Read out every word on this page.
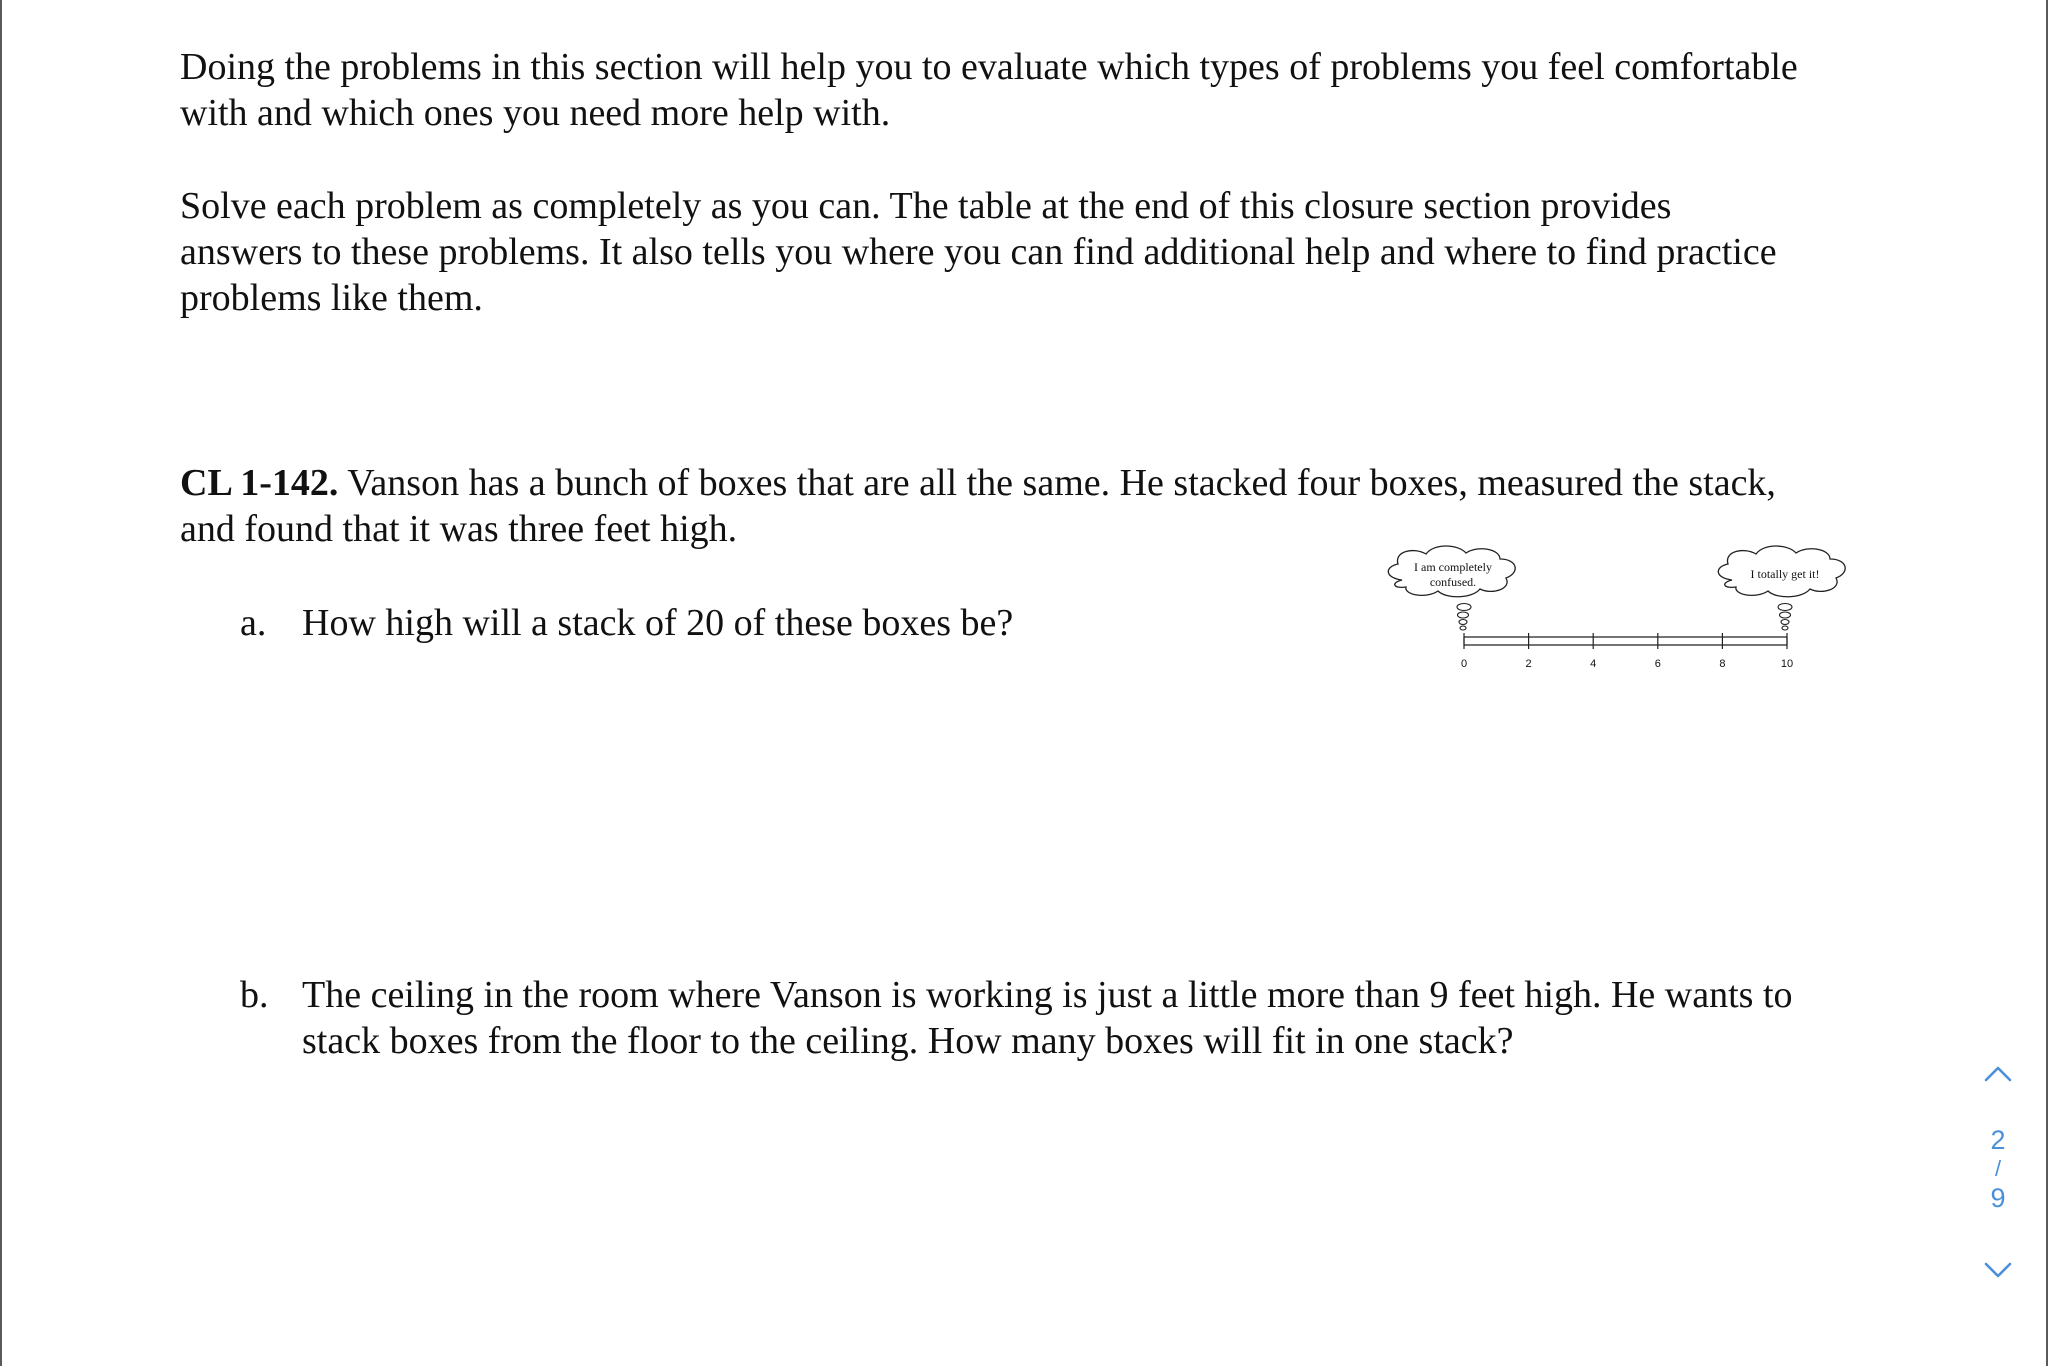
Doing the problems in this section will help you to evaluate which types of problems you feel comfortable with and which ones you need more help with.

Solve each problem as completely as you can. The table at the end of this closure section provides answers to these problems. It also tells you where you can find additional help and where to find practice problems like them.

CL 1-142. Vanson has a bunch of boxes that are all the same. He stacked four boxes, measured the stack, and found that it was three feet high.

a. How high will a stack of 20 of these boxes be?
b. The ceiling in the room where Vanson is working is just a little more than 9 feet high. He wants to stack boxes from the floor to the ceiling. How many boxes will fit in one stack?
I am completely
confused.
I totally get it!
0	2	4	6	8	10
2
/
9
